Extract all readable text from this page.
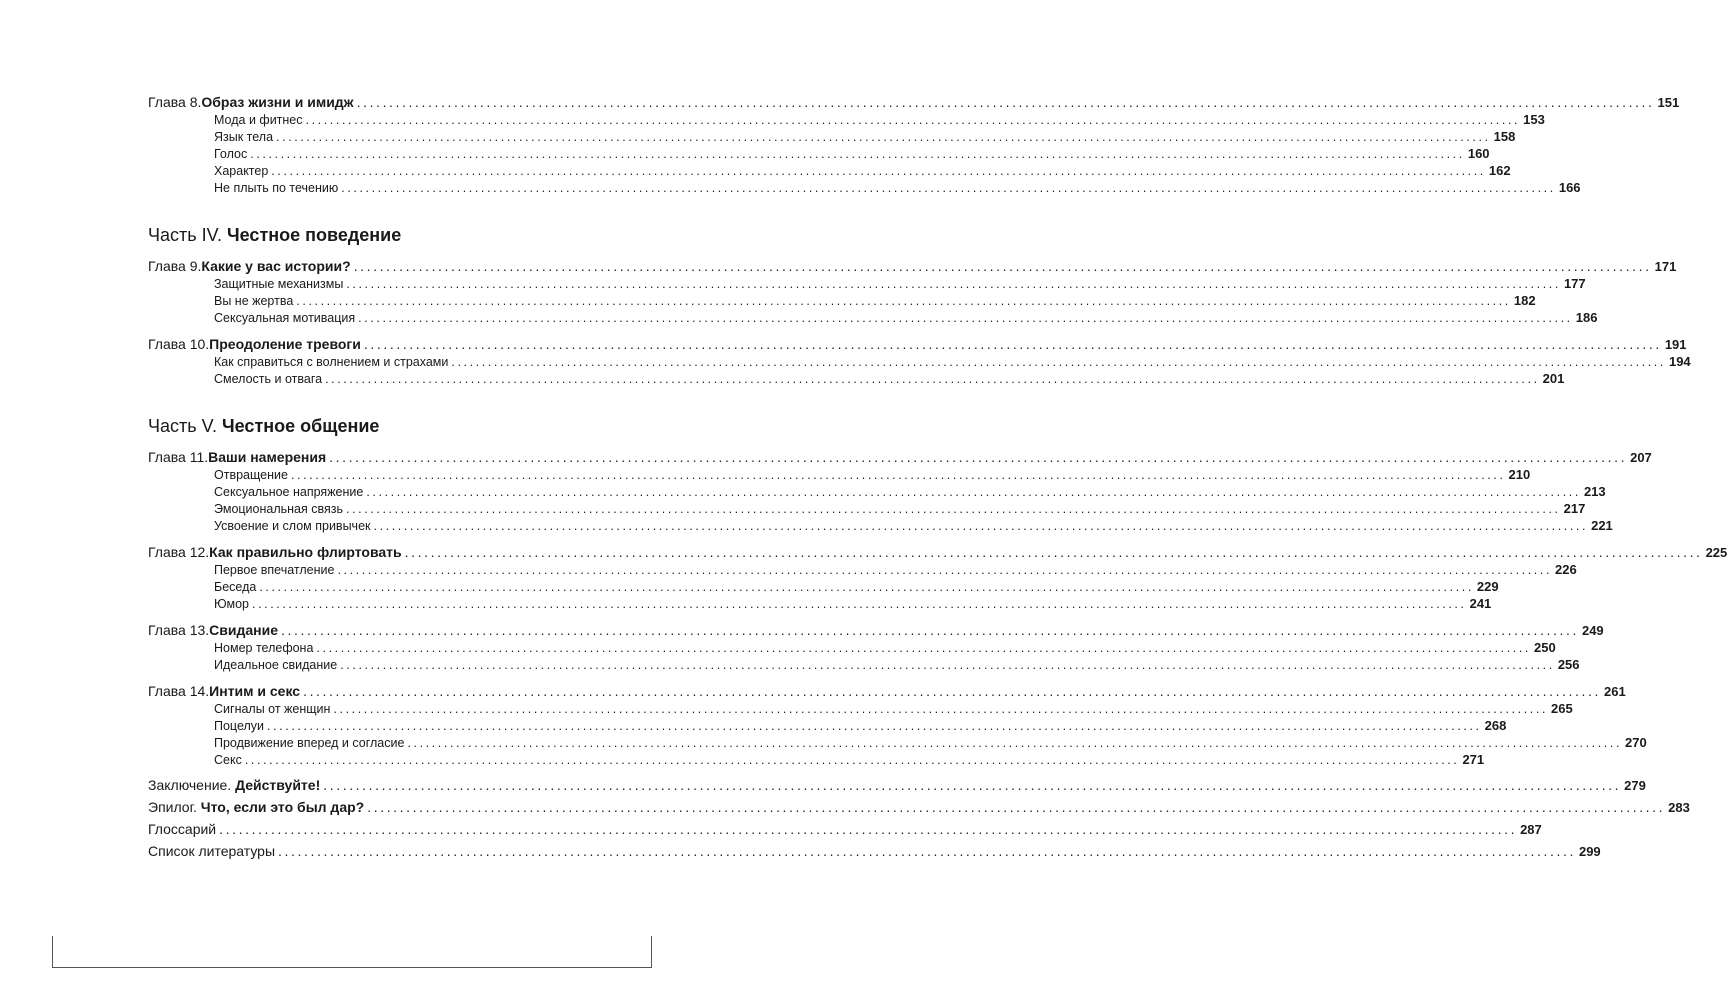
Глава 8. Образ жизни и имидж ........................................................................................................................................................................................................ 151
Мода и фитнес ........................................................................................................................................................................................................ 153
Язык тела ........................................................................................................................................................................................................ 158
Голос ........................................................................................................................................................................................................ 160
Характер ........................................................................................................................................................................................................ 162
Не плыть по течению ........................................................................................................................................................................................................ 166
Часть IV. Честное поведение
Глава 9. Какие у вас истории? ........................................................................................................................................................................................................ 171
Защитные механизмы ........................................................................................................................................................................................................ 177
Вы не жертва ........................................................................................................................................................................................................ 182
Сексуальная мотивация ........................................................................................................................................................................................................ 186
Глава 10. Преодоление тревоги ........................................................................................................................................................................................................ 191
Как справиться с волнением и страхами ........................................................................................................................................................................................................ 194
Смелость и отвага ........................................................................................................................................................................................................ 201
Часть V. Честное общение
Глава 11. Ваши намерения ........................................................................................................................................................................................................ 207
Отвращение ........................................................................................................................................................................................................ 210
Сексуальное напряжение ........................................................................................................................................................................................................ 213
Эмоциональная связь ........................................................................................................................................................................................................ 217
Усвоение и слом привычек ........................................................................................................................................................................................................ 221
Глава 12. Как правильно флиртовать ........................................................................................................................................................................................................ 225
Первое впечатление ........................................................................................................................................................................................................ 226
Беседа ........................................................................................................................................................................................................ 229
Юмор ........................................................................................................................................................................................................ 241
Глава 13. Свидание ........................................................................................................................................................................................................ 249
Номер телефона ........................................................................................................................................................................................................ 250
Идеальное свидание ........................................................................................................................................................................................................ 256
Глава 14. Интим и секс ........................................................................................................................................................................................................ 261
Сигналы от женщин ........................................................................................................................................................................................................ 265
Поцелуи ........................................................................................................................................................................................................ 268
Продвижение вперед и согласие ........................................................................................................................................................................................................ 270
Секс ........................................................................................................................................................................................................ 271
Заключение.
Действуйте! ........................................................................................................................................................................................................ 279
Эпилог.
Что, если это был дар? ........................................................................................................................................................................................................ 283
Глоссарий ........................................................................................................................................................................................................ 287
Список литературы ........................................................................................................................................................................................................ 299
